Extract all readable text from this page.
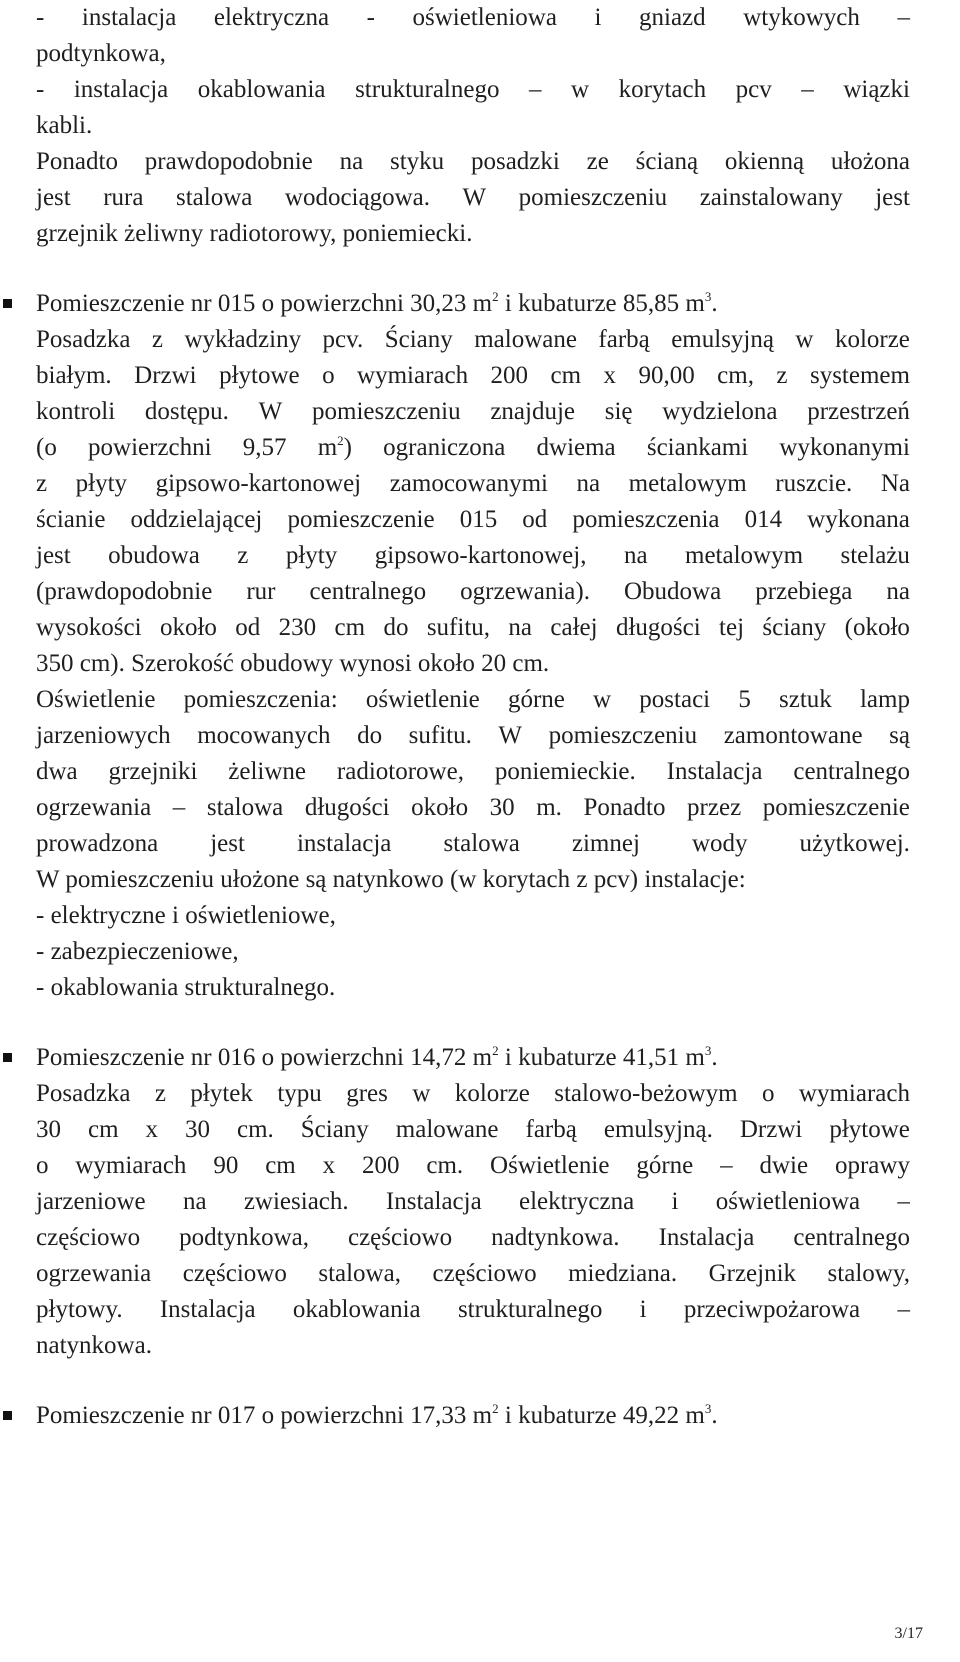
- instalacja elektryczna - oświetleniowa i gniazd wtykowych –
podtynkowa,
- instalacja okablowania strukturalnego – w korytach pcv – wiązki
kabli.
Ponadto prawdopodobnie na styku posadzki ze ścianą okienną ułożona
jest rura stalowa wodociągowa. W pomieszczeniu zainstalowany jest
grzejnik żeliwny radiotorowy, poniemiecki.
Pomieszczenie nr 015 o powierzchni 30,23 $m^2$ i kubaturze 85,85 $m^3$.
Posadzka z wykładziny pcv. Ściany malowane farbą emulsyjną w kolorze
białym. Drzwi płytowe o wymiarach 200 cm x 90,00 cm, z systemem
kontroli dostępu. W pomieszczeniu znajduje się wydzielona przestrzeń
(o powierzchni 9,57 $m^2$) ograniczona dwiema ściankami wykonanymi
z płyty gipsowo-kartonowej zamocowanymi na metalowym ruszcie. Na
ścianie oddzielającej pomieszczenie 015 od pomieszczenia 014 wykonana
jest obudowa z płyty gipsowo-kartonowej, na metalowym stelażu
(prawdopodobnie rur centralnego ogrzewania). Obudowa przebiega na
wysokości około od 230 cm do sufitu, na całej długości tej ściany (około
350 cm). Szerokość obudowy wynosi około 20 cm.
Oświetlenie pomieszczenia: oświetlenie górne w postaci 5 sztuk lamp
jarzeniowych mocowanych do sufitu. W pomieszczeniu zamontowane są
dwa grzejniki żeliwne radiotorowe, poniemieckie. Instalacja centralnego
ogrzewania – stalowa długości około 30 m. Ponadto przez pomieszczenie
prowadzona jest instalacja stalowa zimnej wody użytkowej.
W pomieszczeniu ułożone są natynkowo (w korytach z pcv) instalacje:
- elektryczne i oświetleniowe,
- zabezpieczeniowe,
- okablowania strukturalnego.
Pomieszczenie nr 016 o powierzchni 14,72 $m^2$ i kubaturze 41,51 $m^3$.
Posadzka z płytek typu gres w kolorze stalowo-beżowym o wymiarach
30 cm x 30 cm. Ściany malowane farbą emulsyjną. Drzwi płytowe
o wymiarach 90 cm x 200 cm. Oświetlenie górne – dwie oprawy
jarzeniowe na zwiesiach. Instalacja elektryczna i oświetleniowa –
częściowo podtynkowa, częściowo nadtynkowa. Instalacja centralnego
ogrzewania częściowo stalowa, częściowo miedziana. Grzejnik stalowy,
płytowy. Instalacja okablowania strukturalnego i przeciwpożarowa –
natynkowa.
Pomieszczenie nr 017 o powierzchni 17,33 $m^2$ i kubaturze 49,22 $m^3$.
3/17
